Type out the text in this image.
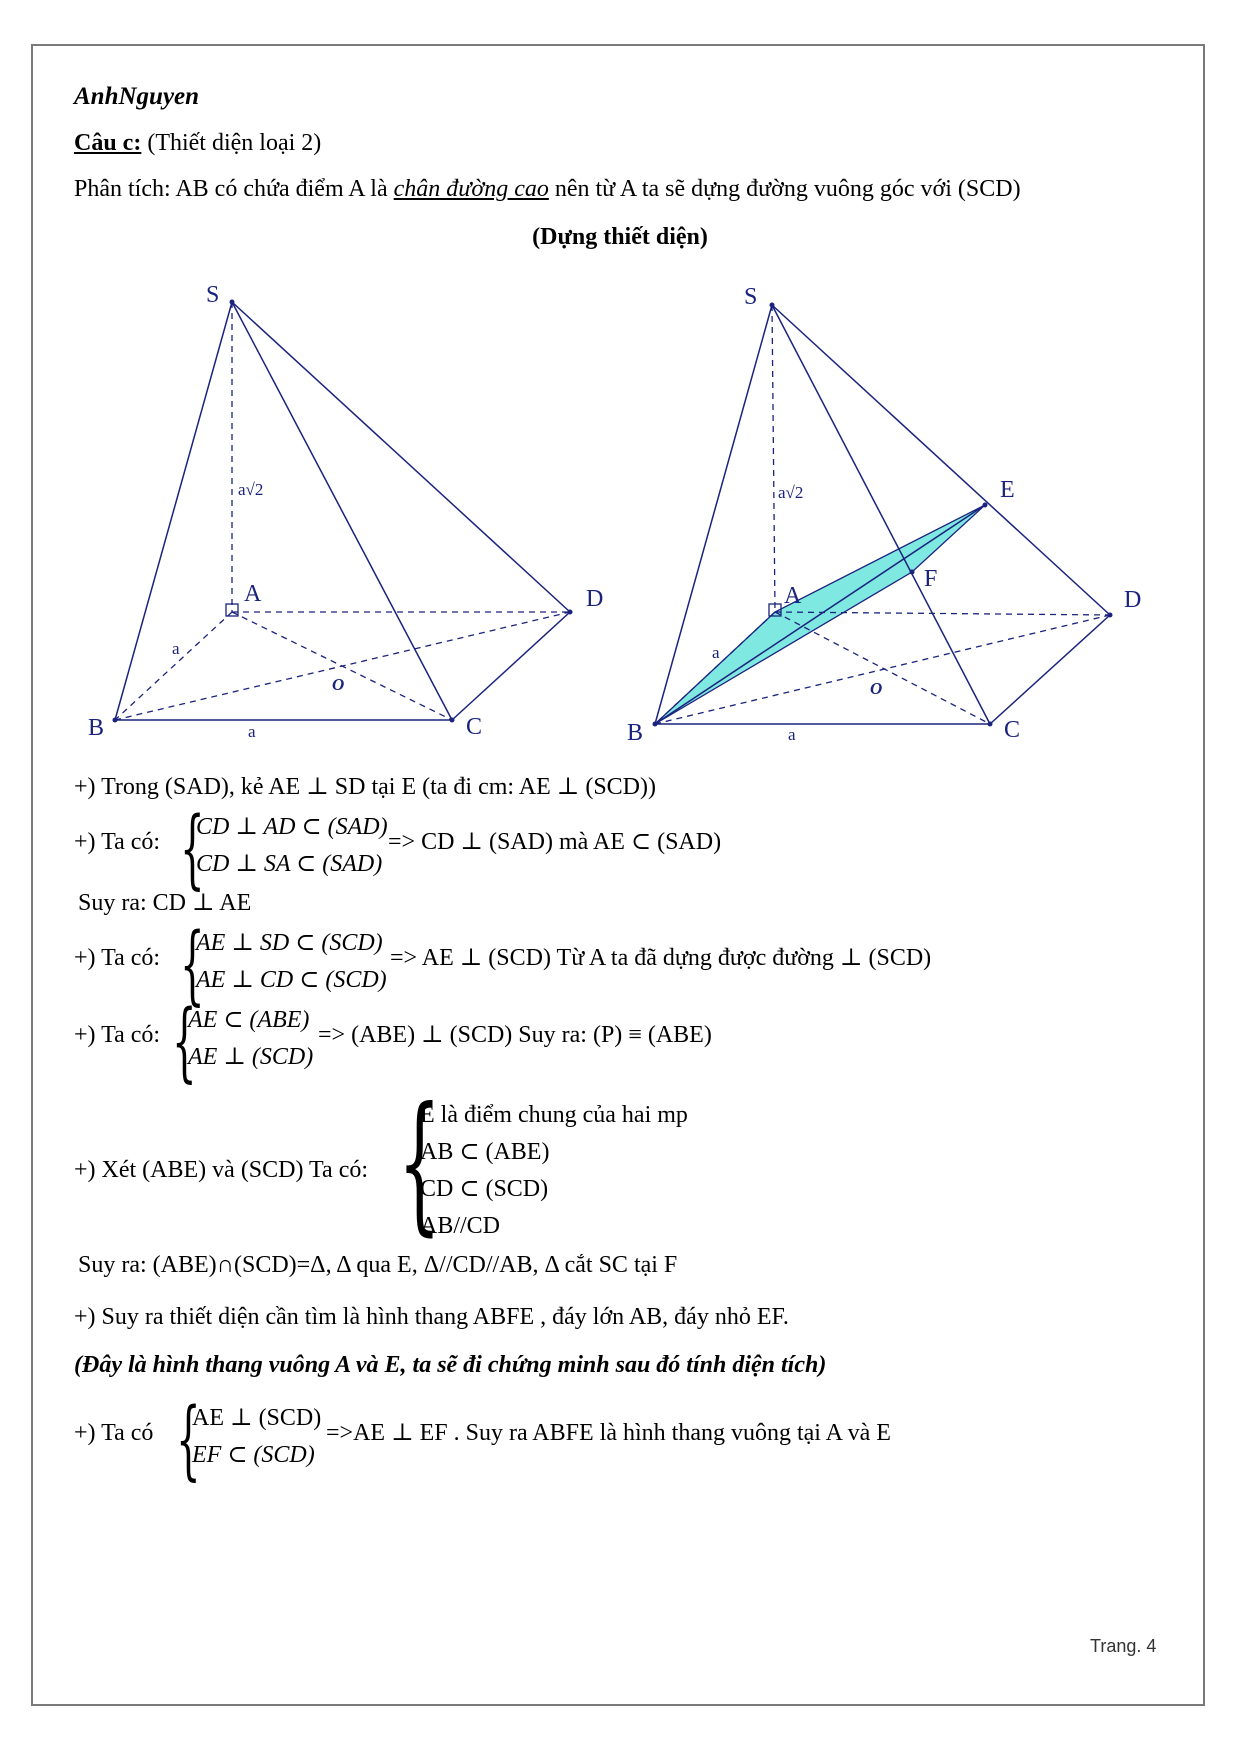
AnhNguyen
Câu c: (Thiết diện loại 2)
Phân tích: AB có chứa điểm A là chân đường cao nên từ A ta sẽ dựng đường vuông góc với (SCD)
(Dựng thiết diện)
S
A
B	C
D
O
a√2
a
a
S
A
B	C
D
E
F
O
a√2
a
a
+) Trong (SAD), kẻ AE ⊥ SD tại E (ta đi cm: AE ⊥ (SCD))
+) Ta có: {
CD ⊥ AD ⊂ (SAD)
CD ⊥ SA ⊂ (SAD)
=> CD ⊥ (SAD) mà AE ⊂ (SAD)
Suy ra: CD ⊥ AE
+) Ta có: {
AE ⊥ SD ⊂ (SCD)
AE ⊥ CD ⊂ (SCD)
=> AE ⊥ (SCD) Từ A ta đã dựng được đường ⊥ (SCD)
+) Ta có: {
AE ⊂ (ABE)
AE ⊥ (SCD)
=> (ABE) ⊥ (SCD) Suy ra: (P) ≡ (ABE)
+) Xét (ABE) và (SCD) Ta có: {
E là điểm chung của hai mp
AB ⊂ (ABE)
CD ⊂ (SCD)
AB//CD
Suy ra: (ABE)∩(SCD)=Δ, Δ qua E, Δ//CD//AB, Δ cắt SC tại F
+) Suy ra thiết diện cần tìm là hình thang ABFE , đáy lớn AB, đáy nhỏ EF.
(Đây là hình thang vuông A và E, ta sẽ đi chứng minh sau đó tính diện tích)
+) Ta có {
AE ⊥ (SCD)
EF ⊂ (SCD)
=>AE ⊥ EF . Suy ra ABFE là hình thang vuông tại A và E
Trang. 4
